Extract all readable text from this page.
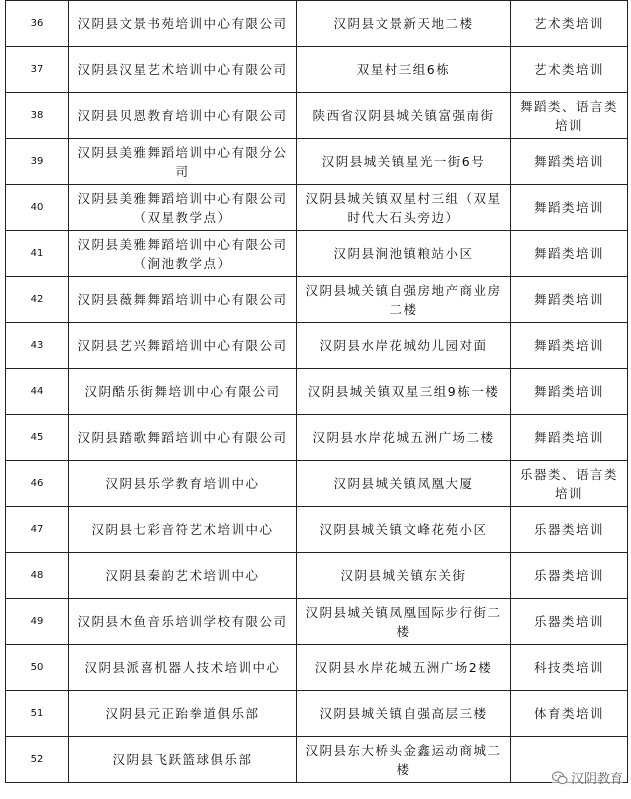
36	汉阴县文景书苑培训中心有限公司	汉阴县文景新天地二楼	艺术类培训
37	汉阴县汉星艺术培训中心有限公司	双星村三组6栋	艺术类培训
38	汉阴县贝恩教育培训中心有限公司	陕西省汉阴县城关镇富强南街	舞蹈类、语言类培训
39	汉阴县美雅舞蹈培训中心有限分公司	汉阴县城关镇星光一街6号	舞蹈类培训
40	汉阴县美雅舞蹈培训中心有限公司（双星教学点）	汉阴县城关镇双星村三组（双星时代大石头旁边）	舞蹈类培训
41	汉阴县美雅舞蹈培训中心有限公司（涧池教学点）	汉阴县涧池镇粮站小区	舞蹈类培训
42	汉阴县薇舞舞蹈培训中心有限公司	汉阴县城关镇自强房地产商业房二楼	舞蹈类培训
43	汉阴县艺兴舞蹈培训中心有限公司	汉阴县水岸花城幼儿园对面	舞蹈类培训
44	汉阴酷乐街舞培训中心有限公司	汉阴县城关镇双星三组9栋一楼	舞蹈类培训
45	汉阴县踏歌舞蹈培训中心有限公司	汉阴县水岸花城五洲广场二楼	舞蹈类培训
46	汉阴县乐学教育培训中心	汉阴县城关镇凤凰大厦	乐器类、语言类培训
47	汉阴县七彩音符艺术培训中心	汉阴县城关镇文峰花苑小区	乐器类培训
48	汉阴县秦韵艺术培训中心	汉阴县城关镇东关街	乐器类培训
49	汉阴县木鱼音乐培训学校有限公司	汉阴县城关镇凤凰国际步行街二楼	乐器类培训
50	汉阴县派喜机器人技术培训中心	汉阴县水岸花城五洲广场2楼	科技类培训
51	汉阴县元正跆拳道俱乐部	汉阴县城关镇自强高层三楼	体育类培训
52	汉阴县飞跃篮球俱乐部	汉阴县东大桥头金鑫运动商城二楼	
汉阴教育
